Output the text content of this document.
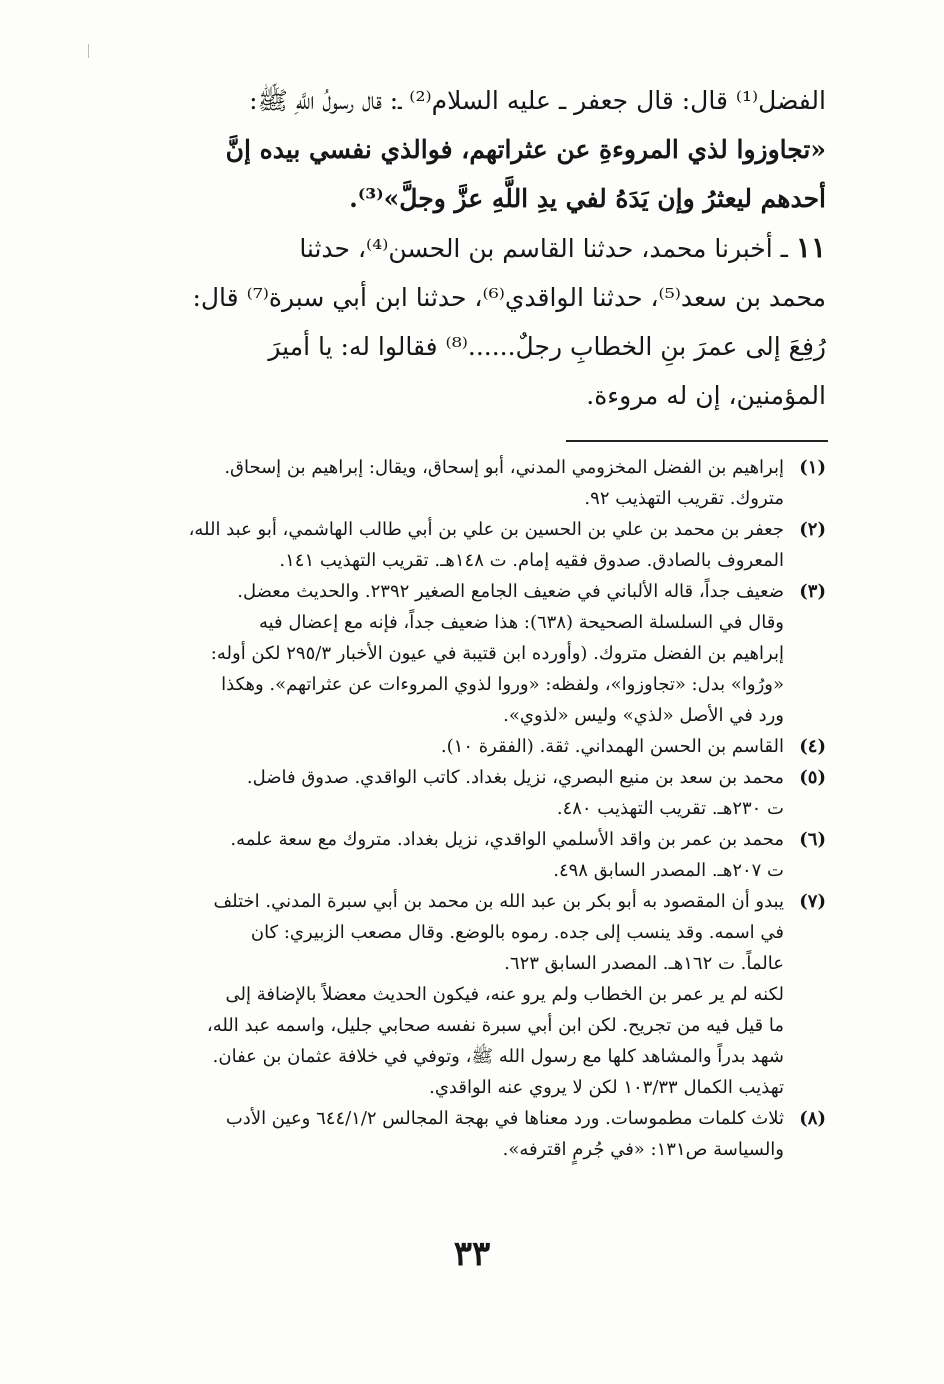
الفضل⁽¹⁾ قال: قال جعفر ـ عليه السلام⁽²⁾ ـ: قال رسولُ اللَّهِ ﷺ:
«تجاوزوا لذي المروءةِ عن عثراتهم، فوالذي نفسي بيده إنَّ
أحدهم ليعثرُ وإن يَدَهُ لفي يدِ اللَّهِ عزَّ وجلَّ»⁽³⁾.
١١ ـ أخبرنا محمد، حدثنا القاسم بن الحسن⁽⁴⁾، حدثنا
محمد بن سعد⁽⁵⁾، حدثنا الواقدي⁽⁶⁾، حدثنا ابن أبي سبرة⁽⁷⁾ قال:
رُفِعَ إلى عمرَ بنِ الخطابِ رجلٌ......⁽⁸⁾ فقالوا له: يا أميرَ
المؤمنين، إن له مروءة.
(١)
إبراهيم بن الفضل المخزومي المدني، أبو إسحاق، ويقال: إبراهيم بن إسحاق.
متروك. تقريب التهذيب ٩٢.
(٢)
جعفر بن محمد بن علي بن الحسين بن علي بن أبي طالب الهاشمي، أبو عبد الله،
المعروف بالصادق. صدوق فقيه إمام. ت ١٤٨هـ. تقريب التهذيب ١٤١.
(٣)
ضعيف جداً، قاله الألباني في ضعيف الجامع الصغير ٢٣٩٢. والحديث معضل.
وقال في السلسلة الصحيحة (٦٣٨): هذا ضعيف جداً، فإنه مع إعضال فيه
إبراهيم بن الفضل متروك. (وأورده ابن قتيبة في عيون الأخبار ٢٩٥/٣ لكن أوله:
«ورُوا» بدل: «تجاوزوا»، ولفظه: «وروا لذوي المروءات عن عثراتهم». وهكذا
ورد في الأصل «لذي» وليس «لذوي».
(٤)
القاسم بن الحسن الهمداني. ثقة. (الفقرة ١٠).
(٥)
محمد بن سعد بن منيع البصري، نزيل بغداد. كاتب الواقدي. صدوق فاضل.
ت ٢٣٠هـ. تقريب التهذيب ٤٨٠.
(٦)
محمد بن عمر بن واقد الأسلمي الواقدي، نزيل بغداد. متروك مع سعة علمه.
ت ٢٠٧هـ. المصدر السابق ٤٩٨.
(٧)
يبدو أن المقصود به أبو بكر بن عبد الله بن محمد بن أبي سبرة المدني. اختلف
في اسمه. وقد ينسب إلى جده. رموه بالوضع. وقال مصعب الزبيري: كان
عالماً. ت ١٦٢هـ. المصدر السابق ٦٢٣.
لكنه لم ير عمر بن الخطاب ولم يرو عنه، فيكون الحديث معضلاً بالإضافة إلى
ما قيل فيه من تجريح. لكن ابن أبي سبرة نفسه صحابي جليل، واسمه عبد الله،
شهد بدراً والمشاهد كلها مع رسول الله ﷺ، وتوفي في خلافة عثمان بن عفان.
تهذيب الكمال ١٠٣/٣٣ لكن لا يروي عنه الواقدي.
(٨)
ثلاث كلمات مطموسات. ورد معناها في بهجة المجالس ٦٤٤/١/٢ وعين الأدب
والسياسة ص١٣١: «في جُرمٍ اقترفه».
٣٣
